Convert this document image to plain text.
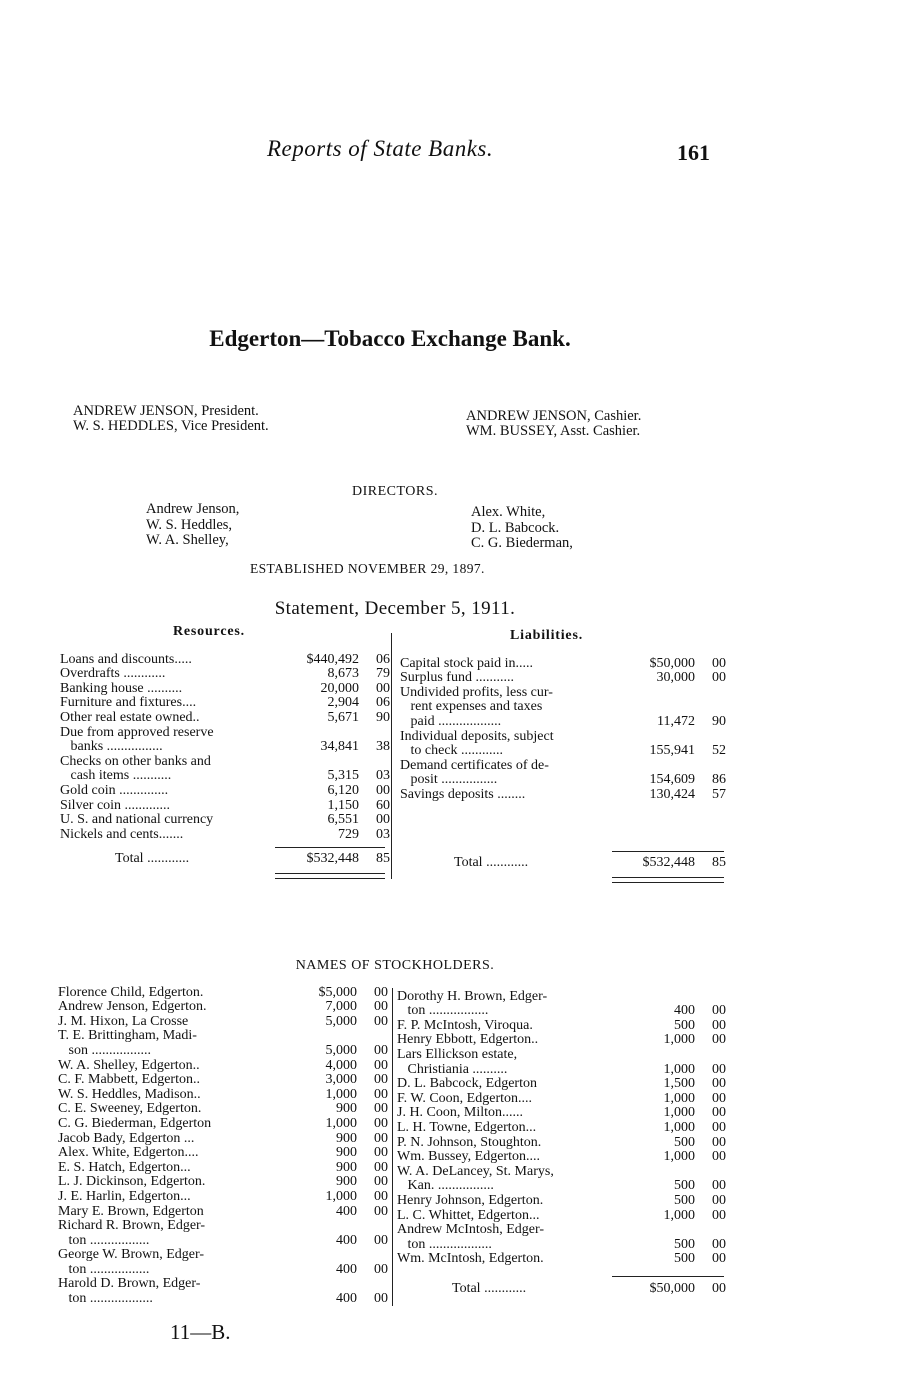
Reports of State Banks.	161
Edgerton—Tobacco Exchange Bank.
ANDREW JENSON, President.
W. S. HEDDLES, Vice President.
ANDREW JENSON, Cashier.
WM. BUSSEY, Asst. Cashier.
DIRECTORS.
Andrew Jenson,
W. S. Heddles,
W. A. Shelley,
Alex. White,
D. L. Babcock.
C. G. Biederman,
ESTABLISHED NOVEMBER 29, 1897.
Statement, December 5, 1911.
Resources.	Liabilities.
Loans and discounts.....	$440,492	06
Overdrafts ............	8,673	79
Banking house ..........	20,000	00
Furniture and fixtures....	2,904	06
Other real estate owned..	5,671	90
Due from approved reserve		
banks ................	34,841	38
Checks on other banks and		
cash items ...........	5,315	03
Gold coin ..............	6,120	00
Silver coin .............	1,150	60
U. S. and national currency	6,551	00
Nickels and cents.......	729	03
Total ............	$532,448	85
Capital stock paid in.....	$50,000	00
Surplus fund ...........	30,000	00
Undivided profits, less cur-		
rent expenses and taxes		
paid ..................	11,472	90
Individual deposits, subject		
to check ............	155,941	52
Demand certificates of de-		
posit ................	154,609	86
Savings deposits ........	130,424	57
Total ............	$532,448	85
NAMES OF STOCKHOLDERS.
Florence Child, Edgerton.	$5,000	00
Andrew Jenson, Edgerton.	7,000	00
J. M. Hixon, La Crosse	5,000	00
T. E. Brittingham, Madi-		
son .................	5,000	00
W. A. Shelley, Edgerton..	4,000	00
C. F. Mabbett, Edgerton..	3,000	00
W. S. Heddles, Madison..	1,000	00
C. E. Sweeney, Edgerton.	900	00
C. G. Biederman, Edgerton	1,000	00
Jacob Bady, Edgerton ...	900	00
Alex. White, Edgerton....	900	00
E. S. Hatch, Edgerton...	900	00
L. J. Dickinson, Edgerton.	900	00
J. E. Harlin, Edgerton...	1,000	00
Mary E. Brown, Edgerton	400	00
Richard R. Brown, Edger-		
ton .................	400	00
George W. Brown, Edger-		
ton .................	400	00
Harold D. Brown, Edger-		
ton ..................	400	00
Dorothy H. Brown, Edger-		
ton .................	400	00
F. P. McIntosh, Viroqua.	500	00
Henry Ebbott, Edgerton..	1,000	00
Lars Ellickson estate,		
Christiania ..........	1,000	00
D. L. Babcock, Edgerton	1,500	00
F. W. Coon, Edgerton....	1,000	00
J. H. Coon, Milton......	1,000	00
L. H. Towne, Edgerton...	1,000	00
P. N. Johnson, Stoughton.	500	00
Wm. Bussey, Edgerton....	1,000	00
W. A. DeLancey, St. Marys,		
Kan. ................	500	00
Henry Johnson, Edgerton.	500	00
L. C. Whittet, Edgerton...	1,000	00
Andrew McIntosh, Edger-		
ton ..................	500	00
Wm. McIntosh, Edgerton.	500	00
Total ............	$50,000	00
11—B.
